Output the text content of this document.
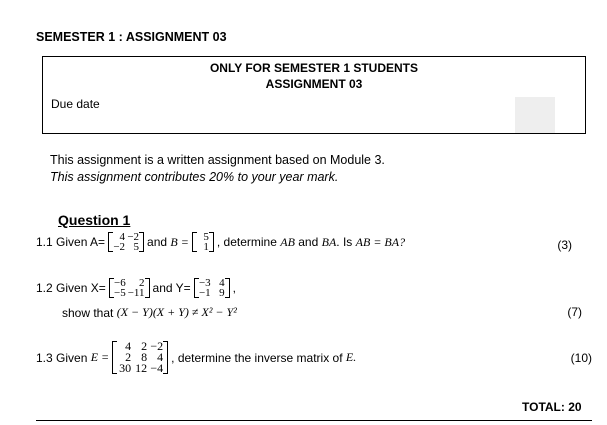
SEMESTER 1 : ASSIGNMENT 03
ONLY FOR SEMESTER 1 STUDENTS
ASSIGNMENT 03
Due date
This assignment is a written assignment based on Module 3.
This assignment contributes 20% to your year mark.
Question 1
1.1 Given A=	4 −2
−2 5 and
B =	5
1 , determine
AB
and
BA . Is
AB = BA?	(3)
1.2 Given X= −6	2
−5 −11 and Y= −3 4
−1 9 ,
show that
(X − Y)(X + Y) ≠ X² − Y²	(7)
1.3 Given
E =
4 2 −2
2 8 4
30 12 −4
, determine the inverse matrix of
E.	(10)
TOTAL: 20
